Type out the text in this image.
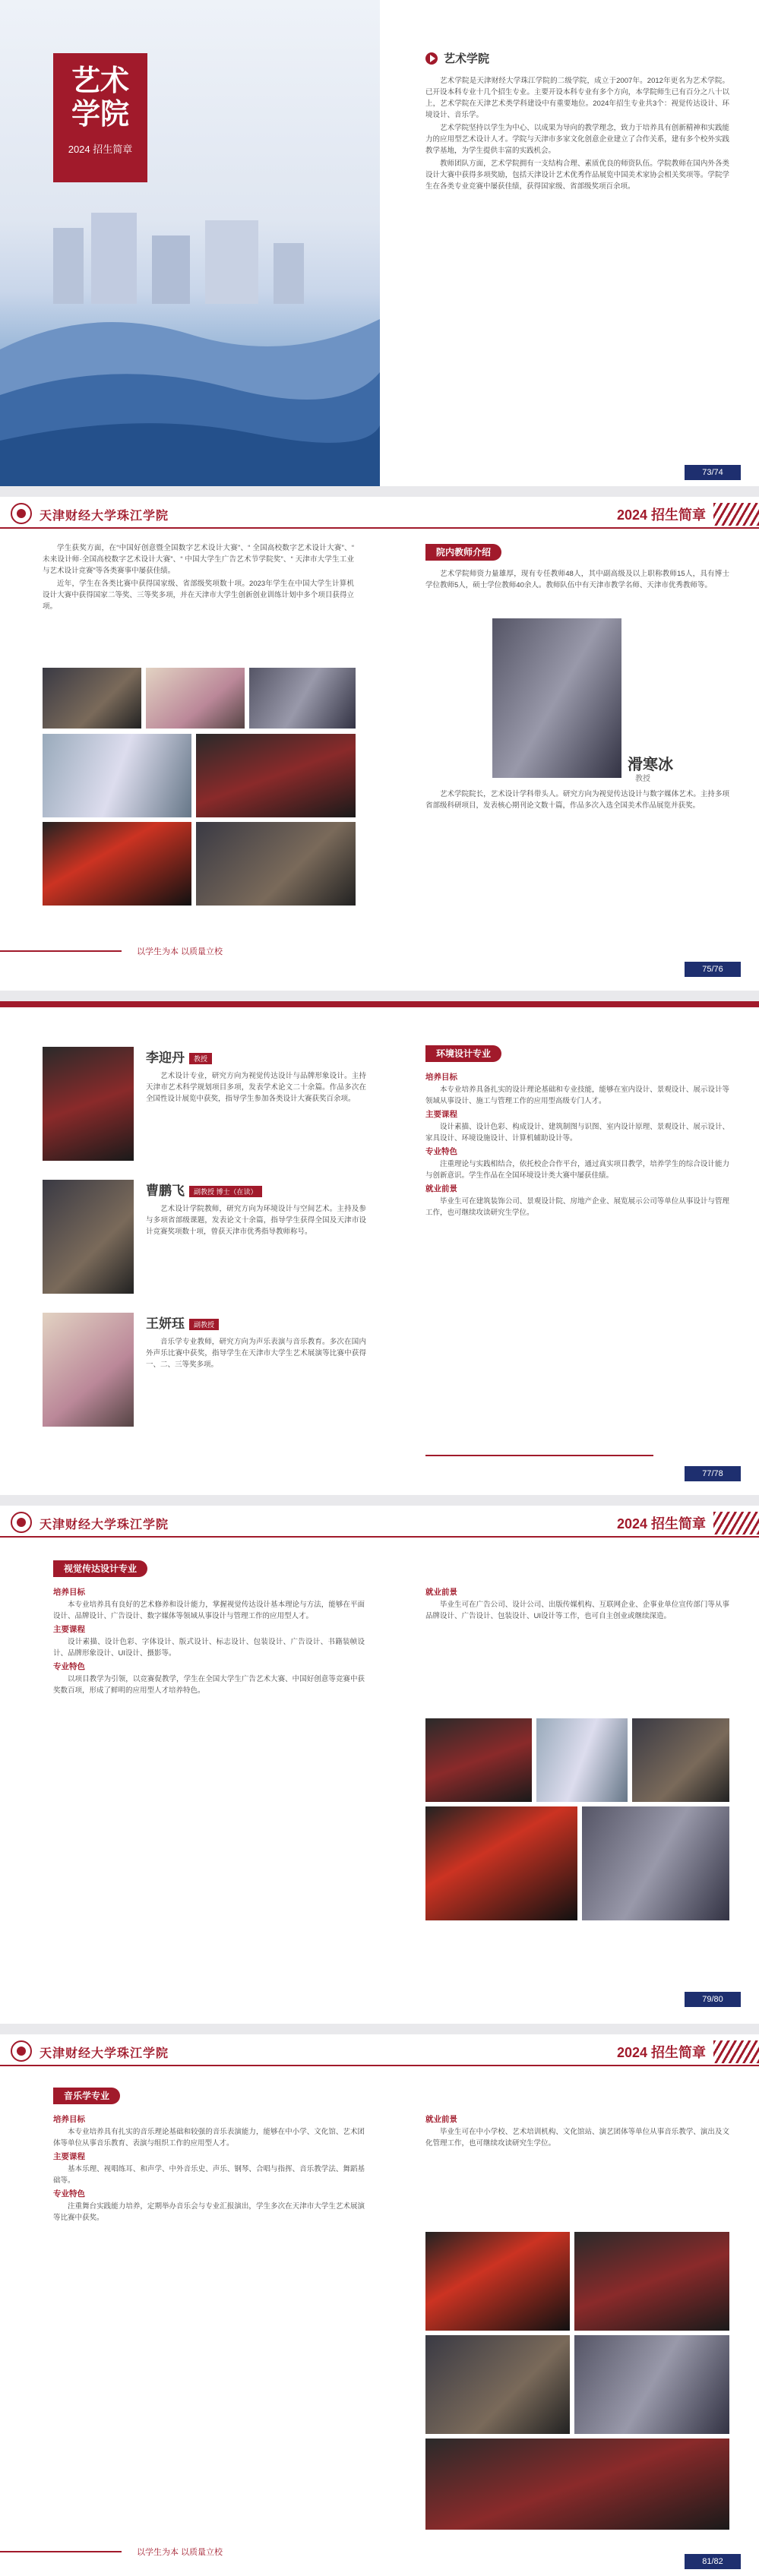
艺术
学院
2024 招生简章
艺术学院

艺术学院是天津财经大学珠江学院的二级学院，成立于2007年。2012年更名为艺术学院。已开设本科专业十几个招生专业。主要开设本科专业有多个方向，本学院师生已有百分之八十以上，艺术学院在天津艺术类学科建设中有重要地位。2024年招生专业共3个：视觉传达设计、环境设计、音乐学。

艺术学院坚持以学生为中心、以成果为导向的教学理念，致力于培养具有创新精神和实践能力的应用型艺术设计人才。学院与天津市多家文化创意企业建立了合作关系，建有多个校外实践教学基地，为学生提供丰富的实践机会。

教师团队方面，艺术学院拥有一支结构合理、素质优良的师资队伍。学院教师在国内外各类设计大赛中获得多项奖励，包括天津设计艺术优秀作品展览中国美术家协会相关奖项等。学院学生在各类专业竞赛中屡获佳绩，获得国家级、省部级奖项百余项。

73/74
天津财经大学珠江学院	2024 招生简章

学生获奖方面，在“中国好创意暨全国数字艺术设计大赛”、“ 全国高校数字艺术设计大赛”、“ 未来设计师·全国高校数字艺术设计大赛”、“ 中国大学生广告艺术节学院奖”、“ 天津市大学生工业与艺术设计竞赛”等各类赛事中屡获佳绩。

近年，学生在各类比赛中获得国家级、省部级奖项数十项。2023年学生在中国大学生计算机设计大赛中获得国家二等奖、三等奖多项，并在天津市大学生创新创业训练计划中多个项目获得立项。

院内教师介绍

艺术学院师资力量雄厚，现有专任教师48人，其中副高级及以上职称教师15人，具有博士学位教师5人，硕士学位教师40余人。教师队伍中有天津市教学名师、天津市优秀教师等。

滑寒冰
教授

艺术学院院长，艺术设计学科带头人。研究方向为视觉传达设计与数字媒体艺术。主持多项省部级科研项目，发表核心期刊论文数十篇，作品多次入选全国美术作品展览并获奖。

以学生为本 以质量立校
75/76
李迎丹 教授

艺术设计专业，研究方向为视觉传达设计与品牌形象设计。主持天津市艺术科学规划项目多项，发表学术论文二十余篇。作品多次在全国性设计展览中获奖，指导学生参加各类设计大赛获奖百余项。

曹鹏飞 副教授 博士（在读）

艺术设计学院教师，研究方向为环境设计与空间艺术。主持及参与多项省部级课题，发表论文十余篇，指导学生获得全国及天津市设计竞赛奖项数十项，曾获天津市优秀指导教师称号。

王妍珏 副教授

音乐学专业教师，研究方向为声乐表演与音乐教育。多次在国内外声乐比赛中获奖，指导学生在天津市大学生艺术展演等比赛中获得一、二、三等奖多项。

环境设计专业
培养目标

本专业培养具备扎实的设计理论基础和专业技能，能够在室内设计、景观设计、展示设计等领域从事设计、施工与管理工作的应用型高级专门人才。

主要课程

设计素描、设计色彩、构成设计、建筑制图与识图、室内设计原理、景观设计、展示设计、家具设计、环境设施设计、计算机辅助设计等。

专业特色

注重理论与实践相结合，依托校企合作平台，通过真实项目教学，培养学生的综合设计能力与创新意识。学生作品在全国环境设计类大赛中屡获佳绩。

就业前景

毕业生可在建筑装饰公司、景观设计院、房地产企业、展览展示公司等单位从事设计与管理工作，也可继续攻读研究生学位。

77/78
天津财经大学珠江学院	2024 招生简章
视觉传达设计专业
培养目标

本专业培养具有良好的艺术修养和设计能力，掌握视觉传达设计基本理论与方法，能够在平面设计、品牌设计、广告设计、数字媒体等领域从事设计与管理工作的应用型人才。

主要课程

设计素描、设计色彩、字体设计、版式设计、标志设计、包装设计、广告设计、书籍装帧设计、品牌形象设计、UI设计、摄影等。

专业特色

以项目教学为引领，以竞赛促教学，学生在全国大学生广告艺术大赛、中国好创意等竞赛中获奖数百项，形成了鲜明的应用型人才培养特色。

就业前景

毕业生可在广告公司、设计公司、出版传媒机构、互联网企业、企事业单位宣传部门等从事品牌设计、广告设计、包装设计、UI设计等工作，也可自主创业或继续深造。

79/80
天津财经大学珠江学院	2024 招生简章
音乐学专业
培养目标

本专业培养具有扎实的音乐理论基础和较强的音乐表演能力，能够在中小学、文化馆、艺术团体等单位从事音乐教育、表演与组织工作的应用型人才。

主要课程

基本乐理、视唱练耳、和声学、中外音乐史、声乐、钢琴、合唱与指挥、音乐教学法、舞蹈基础等。

专业特色

注重舞台实践能力培养，定期举办音乐会与专业汇报演出，学生多次在天津市大学生艺术展演等比赛中获奖。

就业前景

毕业生可在中小学校、艺术培训机构、文化馆站、演艺团体等单位从事音乐教学、演出及文化管理工作，也可继续攻读研究生学位。

以学生为本 以质量立校
81/82
